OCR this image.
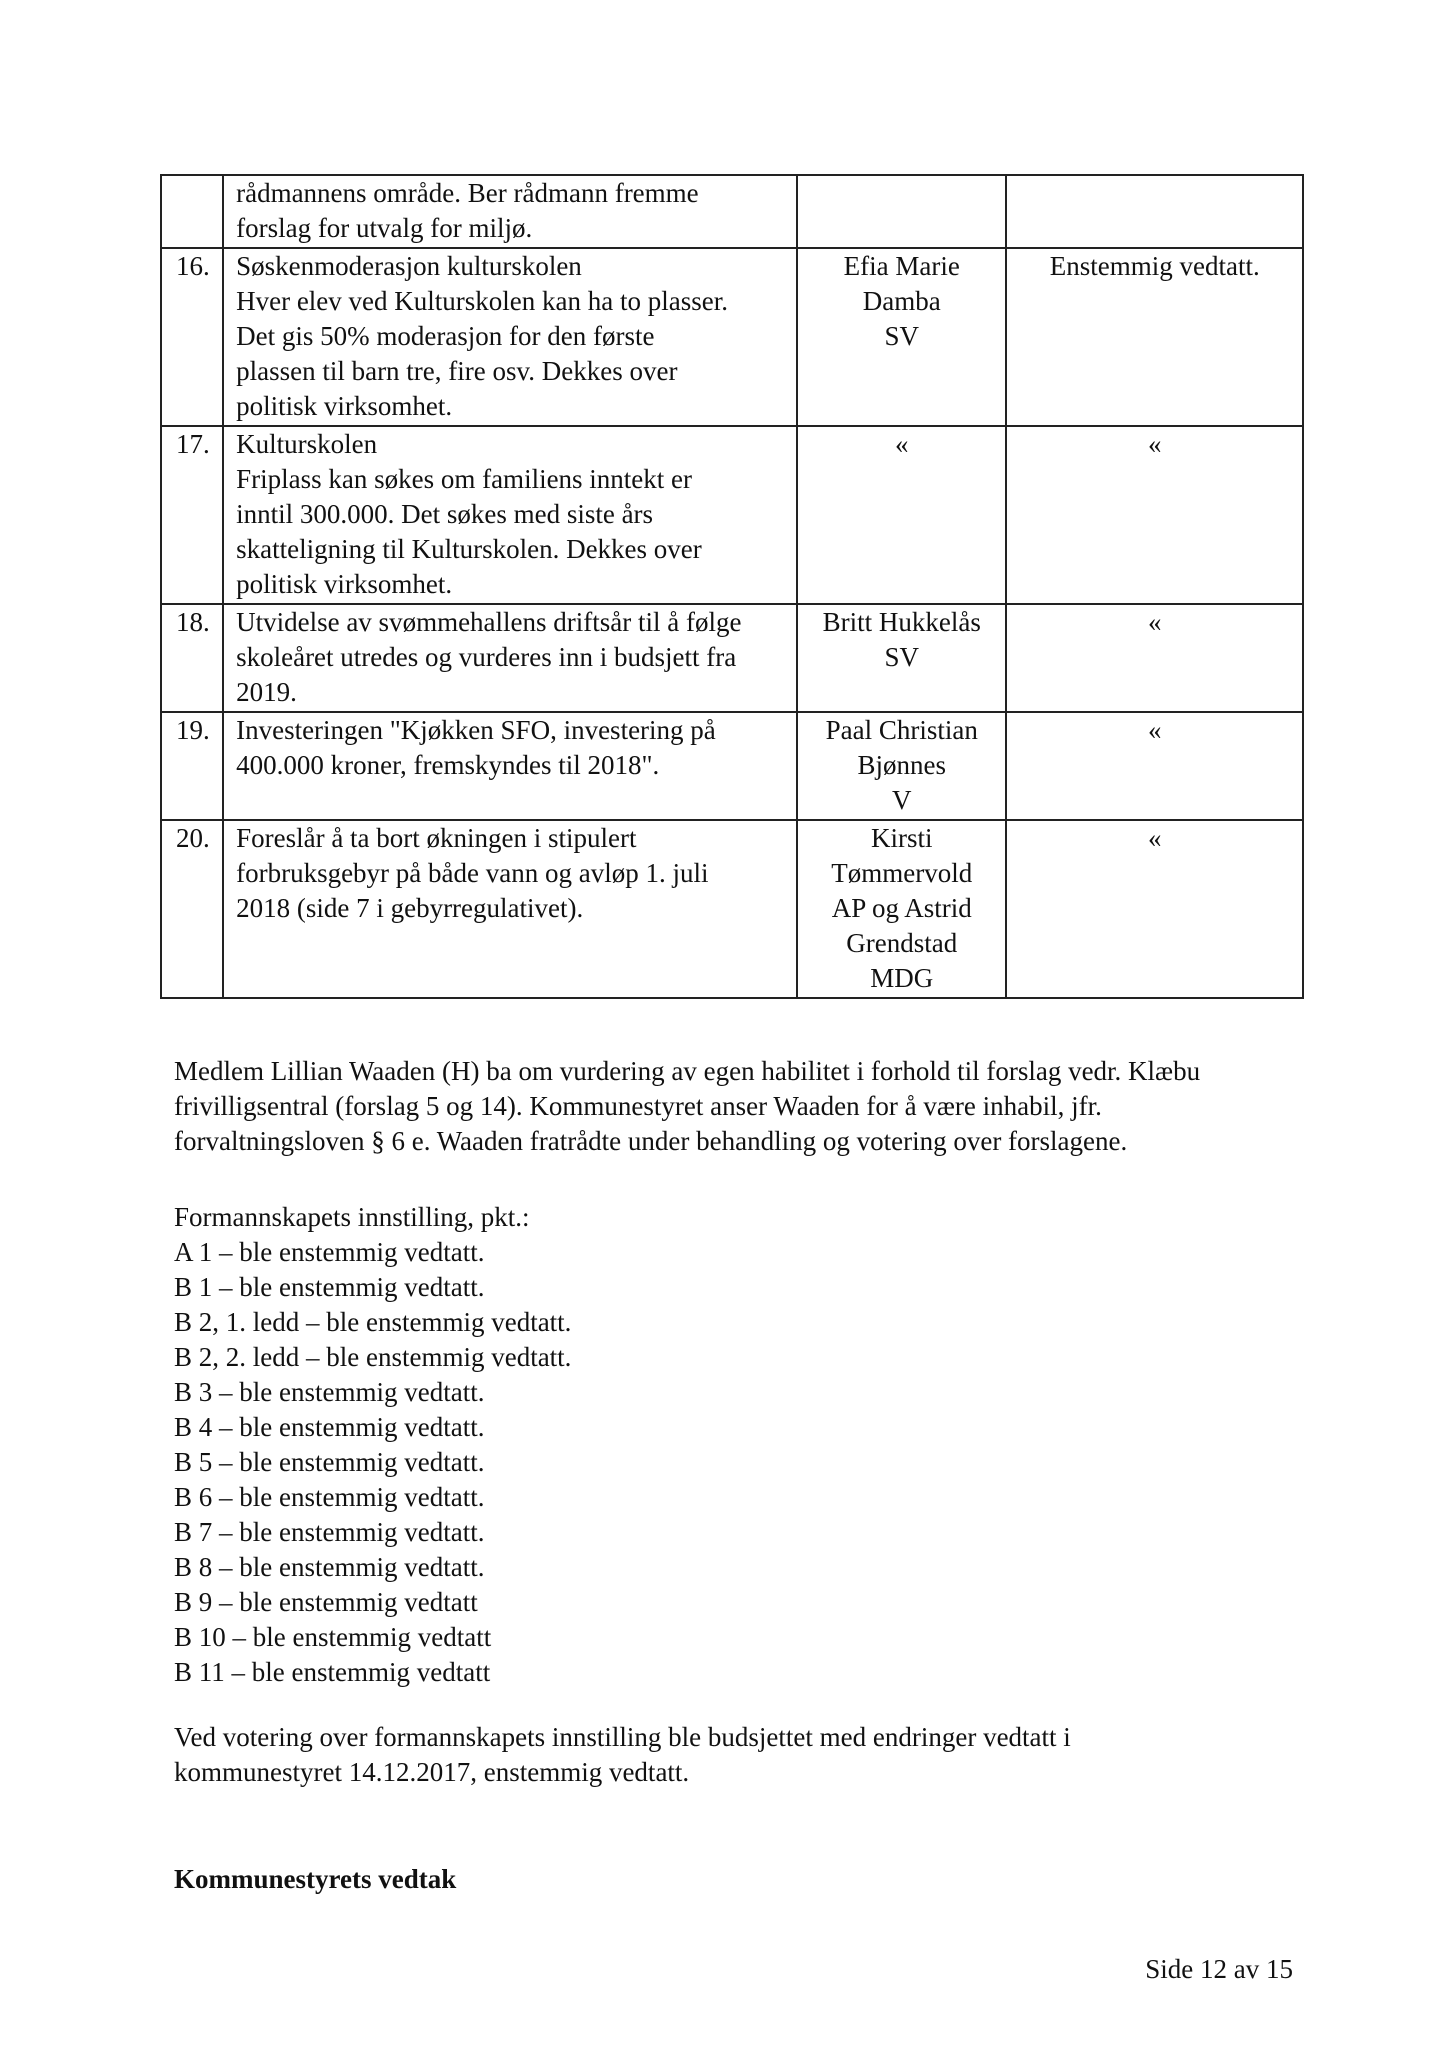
	rådmannens område. Ber rådmann fremme
forslag for utvalg for miljø.		

16.	Søskenmoderasjon kulturskolen
Hver elev ved Kulturskolen kan ha to plasser.
Det gis 50% moderasjon for den første
plassen til barn tre, fire osv. Dekkes over
politisk virksomhet.	Efia Marie
Damba
SV	Enstemmig vedtatt.
17.	Kulturskolen
Friplass kan søkes om familiens inntekt er
inntil 300.000. Det søkes med siste års
skatteligning til Kulturskolen. Dekkes over
politisk virksomhet.	«	«
18.	Utvidelse av svømmehallens driftsår til å følge
skoleåret utredes og vurderes inn i budsjett fra
2019.	Britt Hukkelås
SV	«
19.	Investeringen "Kjøkken SFO, investering på
400.000 kroner, fremskyndes til 2018".	Paal Christian
Bjønnes
V	«
20.	Foreslår å ta bort økningen i stipulert
forbruksgebyr på både vann og avløp 1. juli
2018 (side 7 i gebyrregulativet).	Kirsti
Tømmervold
AP og Astrid
Grendstad
MDG	«
Medlem Lillian Waaden (H) ba om vurdering av egen habilitet i forhold til forslag vedr. Klæbu
frivilligsentral (forslag 5 og 14). Kommunestyret anser Waaden for å være inhabil, jfr.
forvaltningsloven § 6 e. Waaden fratrådte under behandling og votering over forslagene.
Formannskapets innstilling, pkt.:
A 1 – ble enstemmig vedtatt.
B 1 – ble enstemmig vedtatt.
B 2, 1. ledd – ble enstemmig vedtatt.
B 2, 2. ledd – ble enstemmig vedtatt.
B 3 – ble enstemmig vedtatt.
B 4 – ble enstemmig vedtatt.
B 5 – ble enstemmig vedtatt.
B 6 – ble enstemmig vedtatt.
B 7 – ble enstemmig vedtatt.
B 8 – ble enstemmig vedtatt.
B 9 – ble enstemmig vedtatt
B 10 – ble enstemmig vedtatt
B 11 – ble enstemmig vedtatt
Ved votering over formannskapets innstilling ble budsjettet med endringer vedtatt i
kommunestyret 14.12.2017, enstemmig vedtatt.
Kommunestyrets vedtak
Side 12 av 15
